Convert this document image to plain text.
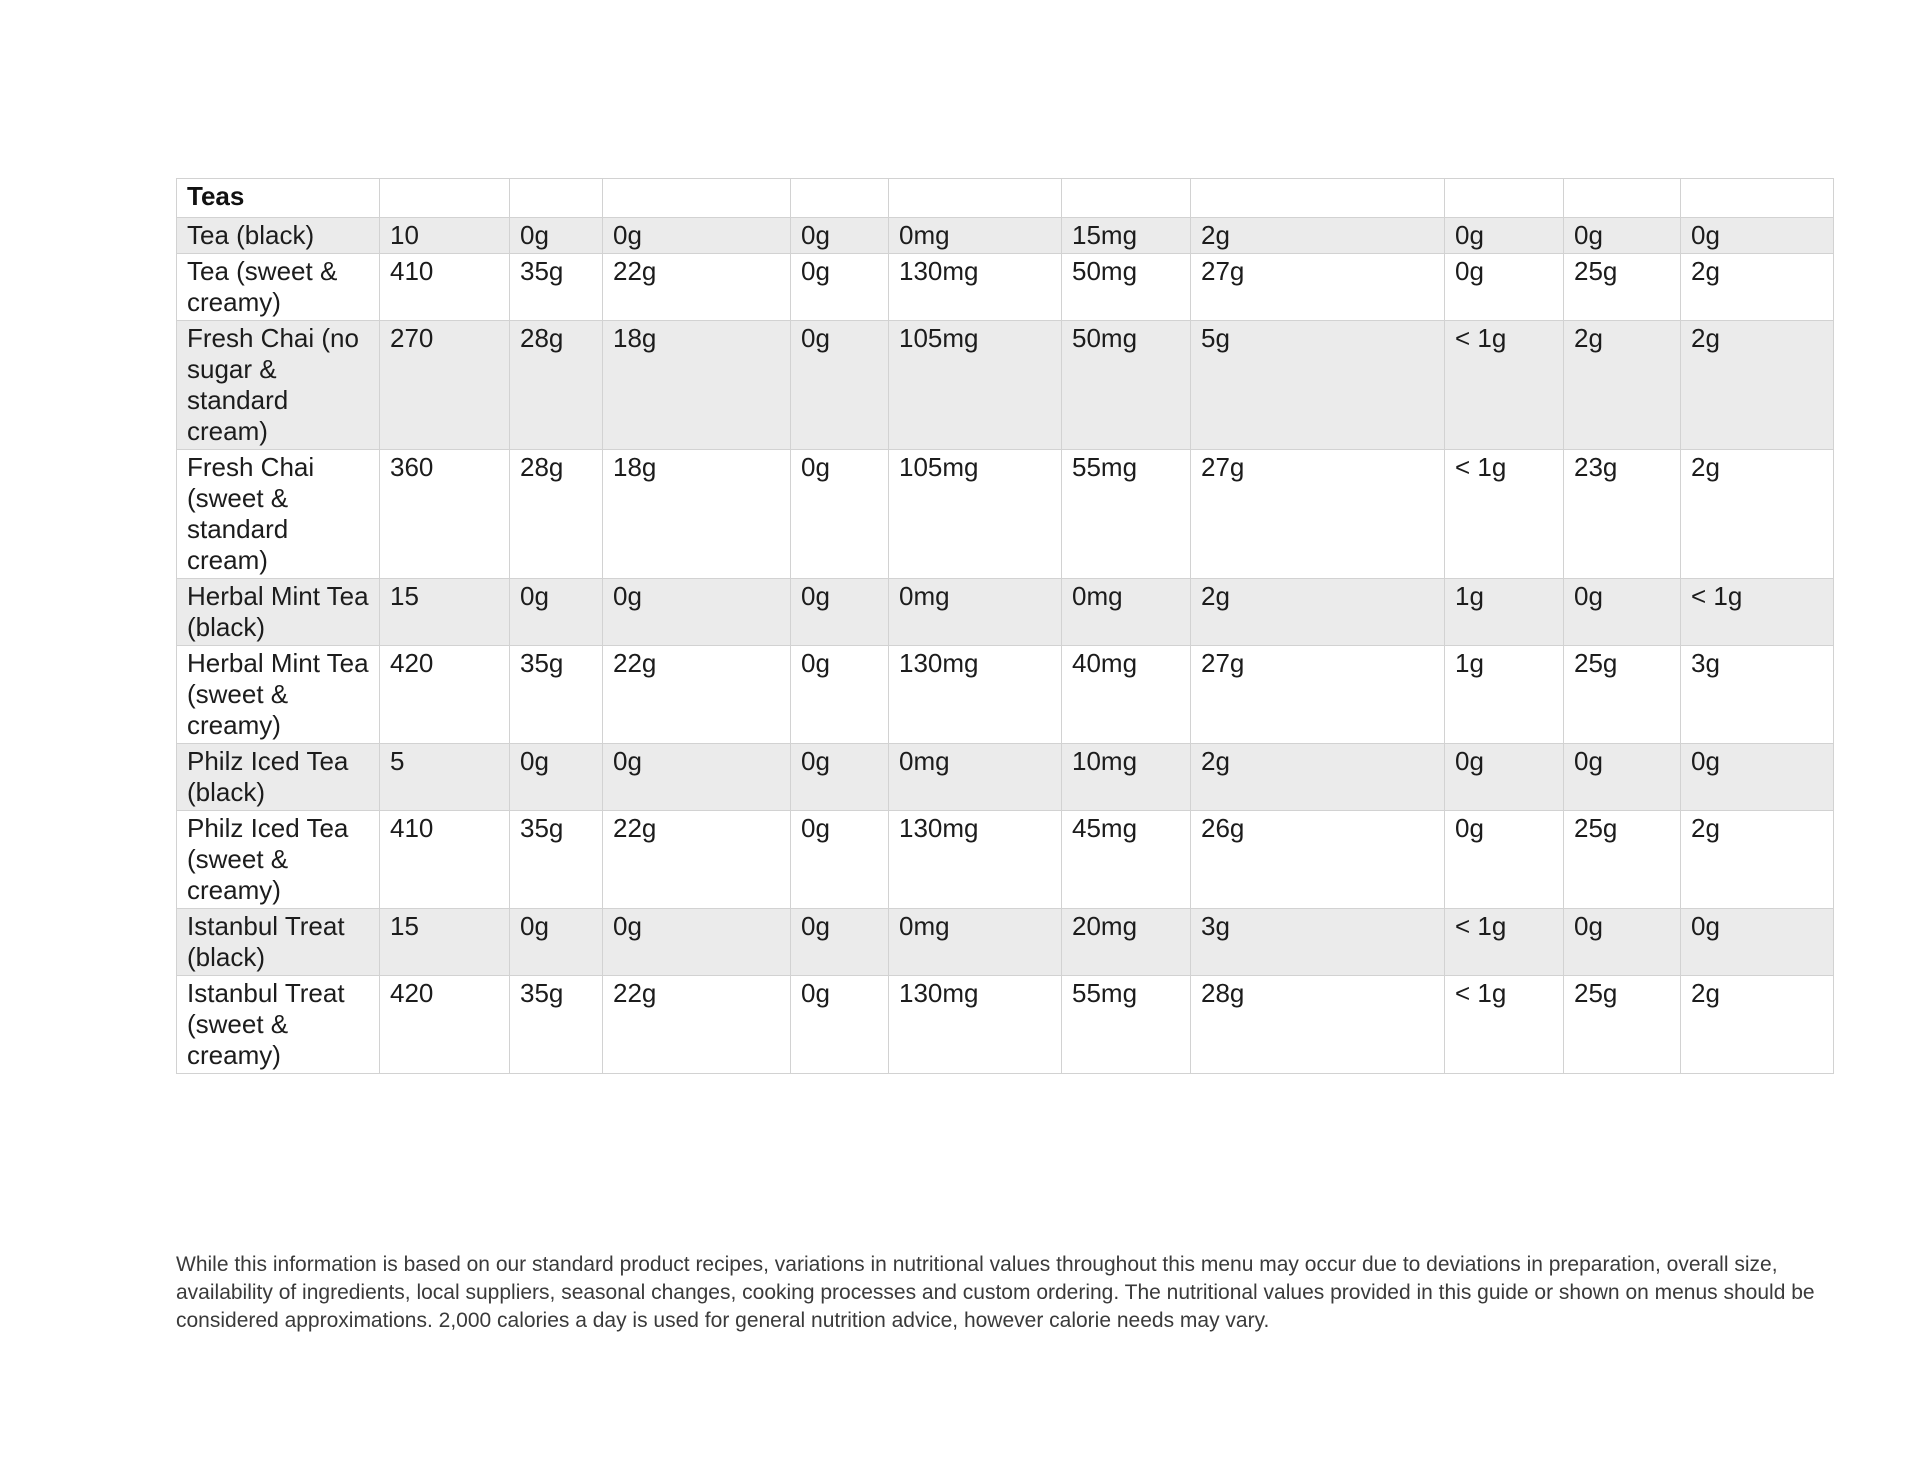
Teas										
Tea (black)	10	0g	0g	0g	0mg	15mg	2g	0g	0g	0g
Tea (sweet & creamy)	410	35g	22g	0g	130mg	50mg	27g	0g	25g	2g
Fresh Chai (no sugar & standard cream)	270	28g	18g	0g	105mg	50mg	5g	< 1g	2g	2g
Fresh Chai (sweet & standard cream)	360	28g	18g	0g	105mg	55mg	27g	< 1g	23g	2g
Herbal Mint Tea (black)	15	0g	0g	0g	0mg	0mg	2g	1g	0g	< 1g
Herbal Mint Tea (sweet & creamy)	420	35g	22g	0g	130mg	40mg	27g	1g	25g	3g
Philz Iced Tea (black)	5	0g	0g	0g	0mg	10mg	2g	0g	0g	0g
Philz Iced Tea (sweet & creamy)	410	35g	22g	0g	130mg	45mg	26g	0g	25g	2g
Istanbul Treat (black)	15	0g	0g	0g	0mg	20mg	3g	< 1g	0g	0g
Istanbul Treat (sweet & creamy)	420	35g	22g	0g	130mg	55mg	28g	< 1g	25g	2g

While this information is based on our standard product recipes, variations in nutritional values throughout this menu may occur due to deviations in preparation, overall size, availability of ingredients, local suppliers, seasonal changes, cooking processes and custom ordering. The nutritional values provided in this guide or shown on menus should be considered approximations. 2,000 calories a day is used for general nutrition advice, however calorie needs may vary.
